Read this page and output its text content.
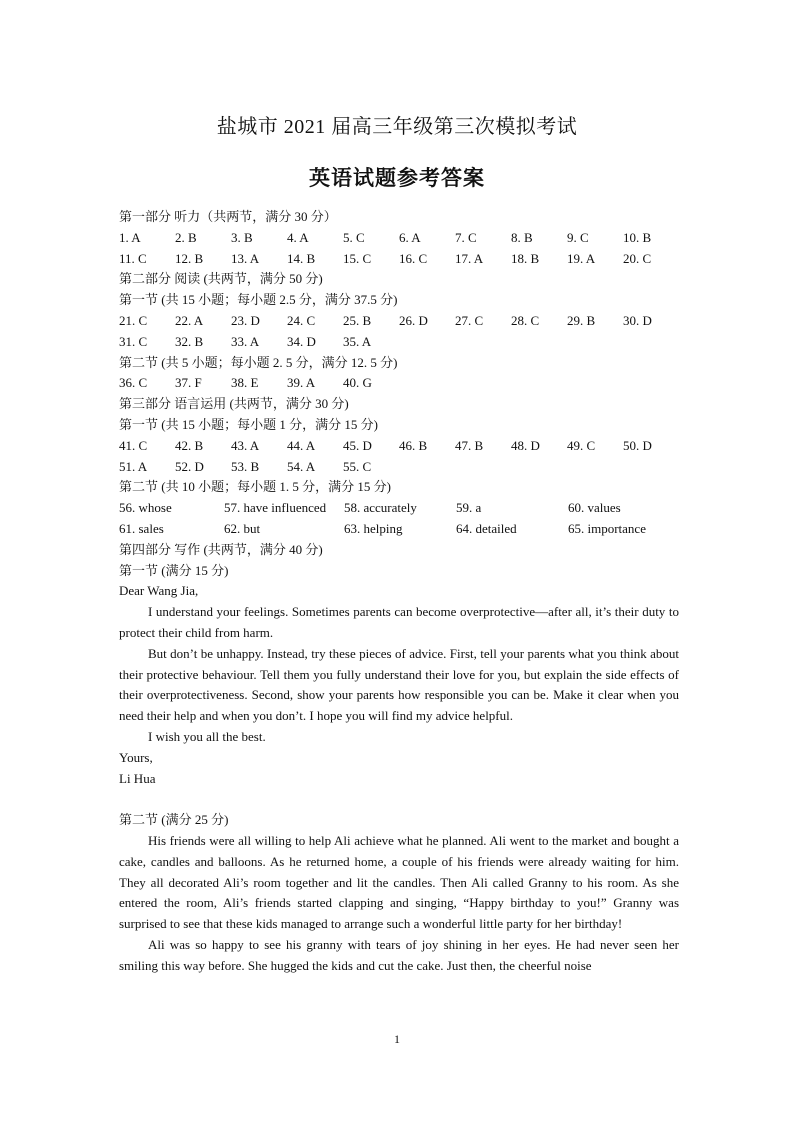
盐城市 2021 届高三年级第三次模拟考试
英语试题参考答案
第一部分 听力（共两节，满分 30 分）
1. A	2. B	3. B	4. A	5. C	6. A	7. C	8. B	9. C	10. B
11. C 12. B 13. A 14. B 15. C 16. C 17. A 18. B 19. A 20. C
第二部分 阅读 (共两节，满分 50 分)
第一节 (共 15 小题；每小题 2.5 分，满分 37.5 分)
21. C 22. A 23. D 24. C 25. B 26. D 27. C 28. C 29. B 30. D
31. C 32. B 33. A 34. D 35. A
第二节 (共 5 小题；每小题 2. 5 分，满分 12. 5 分)
36. C 37. F 38. E 39. A 40. G
第三部分 语言运用 (共两节，满分 30 分)
第一节 (共 15 小题；每小题 1 分，满分 15 分)
41. C 42. B 43. A 44. A 45. D 46. B 47. B 48. D 49. C 50. D
51. A 52. D 53. B 54. A 55. C
第二节 (共 10 小题；每小题 1. 5 分，满分 15 分)
56. whose	57. have influenced 58. accurately	59. a	60. values
61. sales	62. but	63. helping	64. detailed	65. importance
第四部分 写作 (共两节，满分 40 分)
第一节 (满分 15 分)
Dear Wang Jia,

I understand your feelings. Sometimes parents can become overprotective—after all, it’s their duty to protect their child from harm.

But don’t be unhappy. Instead, try these pieces of advice. First, tell your parents what you think about their protective behaviour. Tell them you fully understand their love for you, but explain the side effects of their overprotectiveness. Second, show your parents how responsible you can be. Make it clear when you need their help and when you don’t. I hope you will find my advice helpful.

I wish you all the best.

Yours,
Li Hua
第二节 (满分 25 分)

His friends were all willing to help Ali achieve what he planned. Ali went to the market and bought a cake, candles and balloons. As he returned home, a couple of his friends were already waiting for him. They all decorated Ali’s room together and lit the candles. Then Ali called Granny to his room. As she entered the room, Ali’s friends started clapping and singing, “Happy birthday to you!” Granny was surprised to see that these kids managed to arrange such a wonderful little party for her birthday!

Ali was so happy to see his granny with tears of joy shining in her eyes. He had never seen her smiling this way before. She hugged the kids and cut the cake. Just then, the cheerful noise

1
